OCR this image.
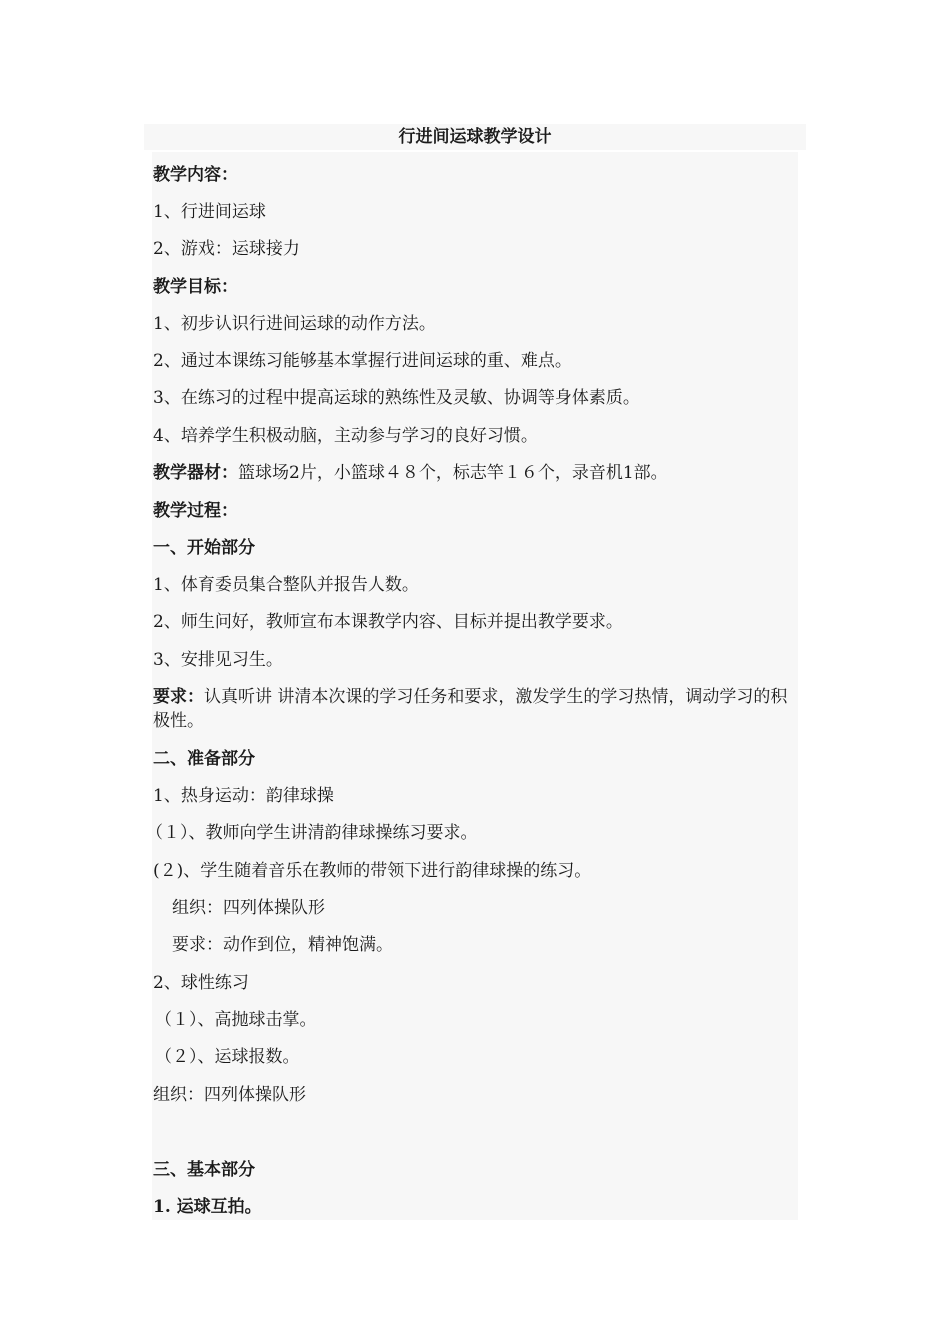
行进间运球教学设计
教学内容：
1、行进间运球
2、游戏：运球接力
教学目标：
1、初步认识行进间运球的动作方法。
2、通过本课练习能够基本掌握行进间运球的重、难点。
3、在练习的过程中提高运球的熟练性及灵敏、协调等身体素质。
4、培养学生积极动脑，主动参与学习的良好习惯。
教学器材：篮球场2片，小篮球４８个，标志竿１６个，录音机1部。
教学过程：
一、开始部分
1、体育委员集合整队并报告人数。
2、师生问好，教师宣布本课教学内容、目标并提出教学要求。
3、安排见习生。
要求：认真听讲 讲清本次课的学习任务和要求，激发学生的学习热情，调动学习的积极性。
二、准备部分
1、热身运动：韵律球操
（１）、教师向学生讲清韵律球操练习要求。
(２)、学生随着音乐在教师的带领下进行韵律球操的练习。
组织：四列体操队形
要求：动作到位，精神饱满。
2、球性练习
（１）、高抛球击掌。
（２）、运球报数。
组织：四列体操队形
三、基本部分
1. 运球互拍。
